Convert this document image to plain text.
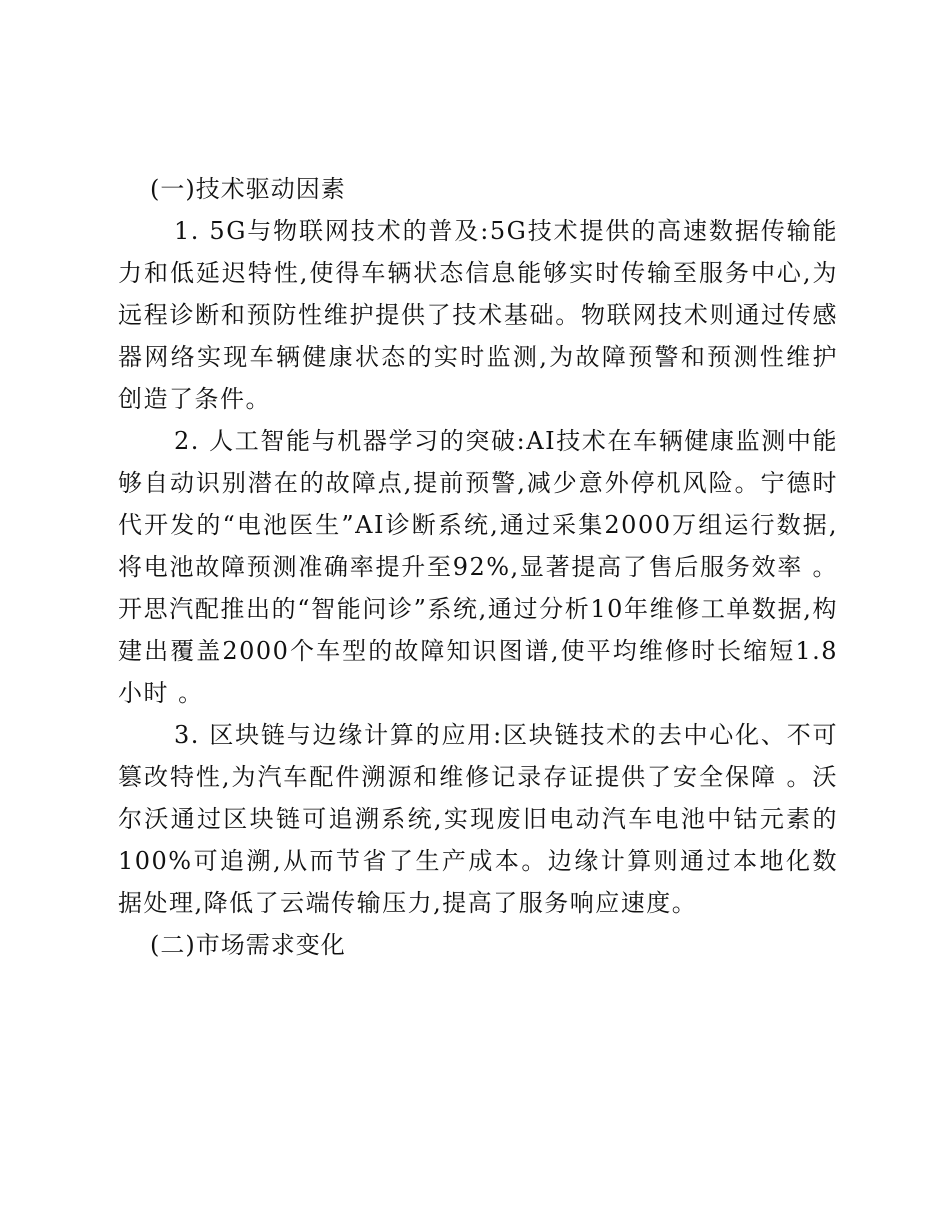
(一)技术驱动因素

1. 5G与物联网技术的普及:5G技术提供的高速数据传输能力和低延迟特性,使得车辆状态信息能够实时传输至服务中心,为远程诊断和预防性维护提供了技术基础。物联网技术则通过传感器网络实现车辆健康状态的实时监测,为故障预警和预测性维护创造了条件。

2. 人工智能与机器学习的突破:AI技术在车辆健康监测中能够自动识别潜在的故障点,提前预警,减少意外停机风险。宁德时代开发的“电池医生”AI诊断系统,通过采集2000万组运行数据,将电池故障预测准确率提升至92%,显著提高了售后服务效率 。开思汽配推出的“智能问诊”系统,通过分析10年维修工单数据,构建出覆盖2000个车型的故障知识图谱,使平均维修时长缩短1.8小时 。

3. 区块链与边缘计算的应用:区块链技术的去中心化、不可篡改特性,为汽车配件溯源和维修记录存证提供了安全保障 。沃尔沃通过区块链可追溯系统,实现废旧电动汽车电池中钴元素的100%可追溯,从而节省了生产成本。边缘计算则通过本地化数据处理,降低了云端传输压力,提高了服务响应速度。

(二)市场需求变化
